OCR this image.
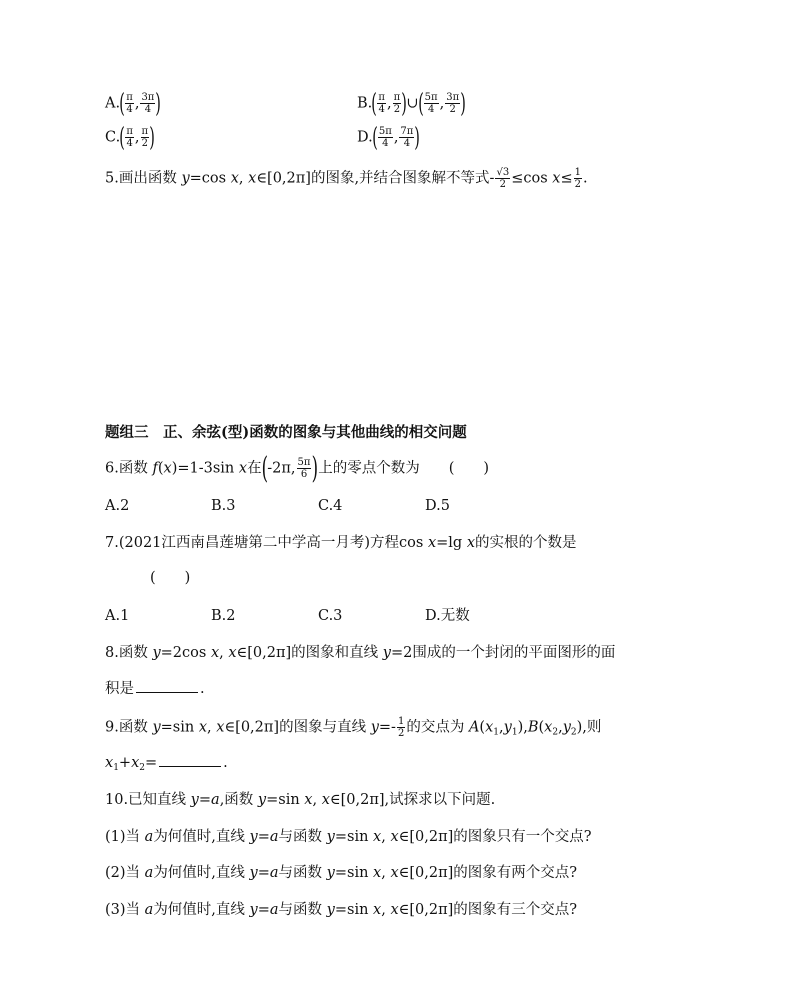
$A.( \frac{\pi}{4}$ , $\frac{3\pi}{4}$ )	$B.( \frac{\pi}{4}$ , $\frac{\pi}{2}$ )∪( $\frac{5\pi}{4}$ , $\frac{3\pi}{2}$ )
$C.( \frac{\pi}{4}$ , $\frac{\pi}{2}$ )	$D.( \frac{5\pi}{4}$ , $\frac{7\pi}{4}$ )
5.画出函数 y=cos x, x∈[0,2π]的图象,并结合图象解不等式- $\frac{√3}{2} \le\cos$ $x\le \frac{1}{2}$ .
题组三　正、余弦(型)函数的图象与其他曲线的相交问题
6.函数 f(x)=1-3sin x在(-2π, $\frac{5\pi}{6}$ )上的零点个数为　　(　　)
A.2	B.3	C.4	D.5
7.(2021江西南昌莲塘第二中学高一月考)方程cos x=lg x的实根的个数是
(　　)
A.1	B.2	C.3	D.无数
8.函数 y=2cos x, x∈[0,2π]的图象和直线 y=2围成的一个封闭的平面图形的面
积是	.
9.函数 y=sin x, x∈[0,2π]的图象与直线 $y=- \frac{1}{2}$ 的交点为 $A(x_1,y_1),B(x_2,y_2)$,则
$x_1+x_2=$	.
10.已知直线 y=a,函数 y=sin x, x∈[0,2π],试探求以下问题.
(1)当 a为何值时,直线 y=a与函数 y=sin x, x∈[0,2π]的图象只有一个交点?
(2)当 a为何值时,直线 y=a与函数 y=sin x, x∈[0,2π]的图象有两个交点?
(3)当 a为何值时,直线 y=a与函数 y=sin x, x∈[0,2π]的图象有三个交点?
